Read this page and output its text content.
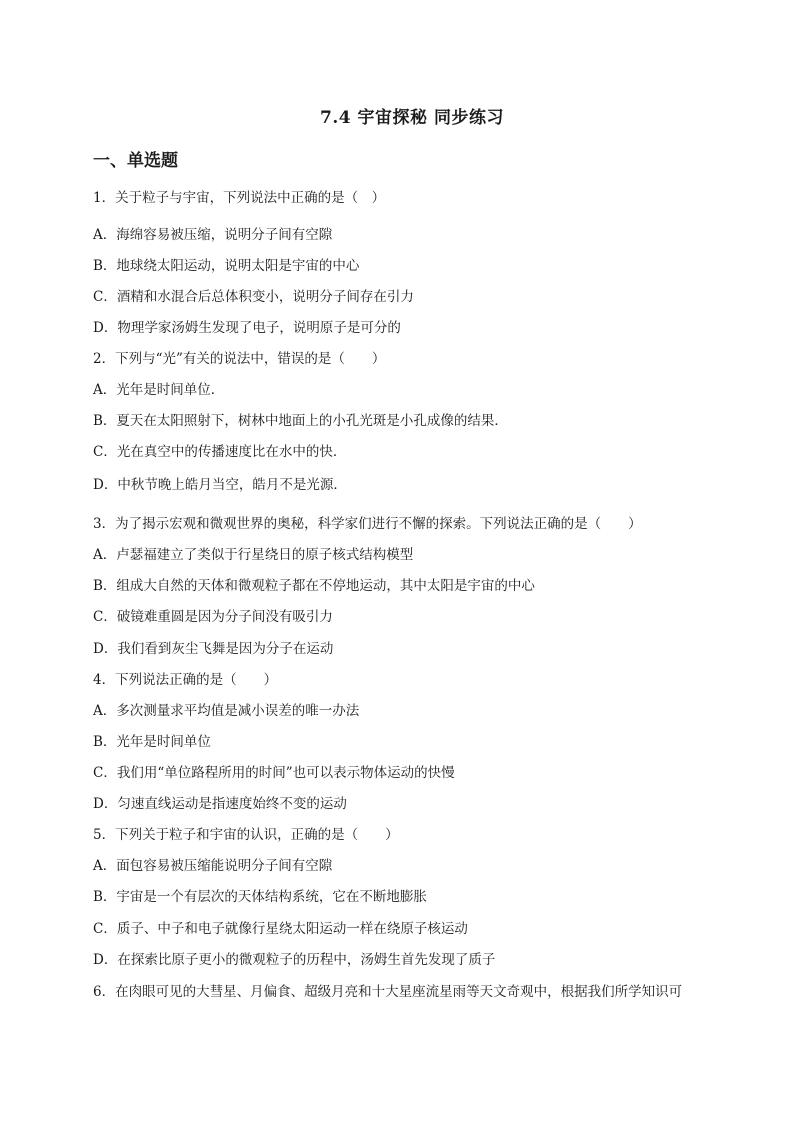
7.4 宇宙探秘 同步练习
一、单选题
1．关于粒子与宇宙，下列说法中正确的是（　）
A．海绵容易被压缩，说明分子间有空隙
B．地球绕太阳运动，说明太阳是宇宙的中心
C．酒精和水混合后总体积变小，说明分子间存在引力
D．物理学家汤姆生发现了电子，说明原子是可分的
2．下列与“光”有关的说法中，错误的是（　　）
A．光年是时间单位．
B．夏天在太阳照射下，树林中地面上的小孔光斑是小孔成像的结果．
C．光在真空中的传播速度比在水中的快．
D．中秋节晚上皓月当空，皓月不是光源．
3．为了揭示宏观和微观世界的奥秘，科学家们进行不懈的探索。下列说法正确的是（　　）
A．卢瑟福建立了类似于行星绕日的原子核式结构模型
B．组成大自然的天体和微观粒子都在不停地运动，其中太阳是宇宙的中心
C．破镜难重圆是因为分子间没有吸引力
D．我们看到灰尘飞舞是因为分子在运动
4．下列说法正确的是（　　）
A．多次测量求平均值是减小误差的唯一办法
B．光年是时间单位
C．我们用“单位路程所用的时间”也可以表示物体运动的快慢
D．匀速直线运动是指速度始终不变的运动
5．下列关于粒子和宇宙的认识，正确的是（　　）
A．面包容易被压缩能说明分子间有空隙
B．宇宙是一个有层次的天体结构系统，它在不断地膨胀
C．质子、中子和电子就像行星绕太阳运动一样在绕原子核运动
D．在探索比原子更小的微观粒子的历程中，汤姆生首先发现了质子
6．在肉眼可见的大彗星、月偏食、超级月亮和十大星座流星雨等天文奇观中，根据我们所学知识可
